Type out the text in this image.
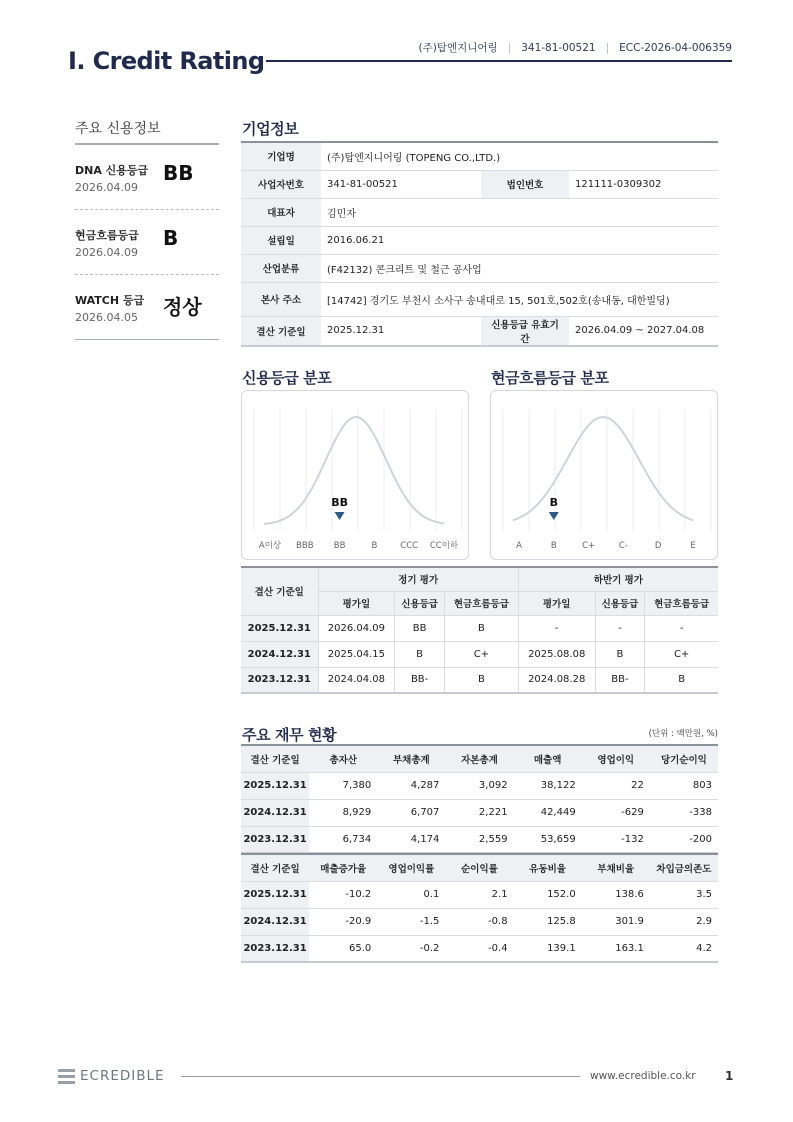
(주)탑엔지니어링 | 341-81-00521 | ECC-2026-04-006359
Ⅰ. Credit Rating
주요 신용정보
DNA 신용등급
2026.04.09
BB
현금흐름등급
2026.04.09
B
WATCH 등급
2026.04.05 정상
기업정보
기업명	(주)탑엔지니어링 (TOPENG CO.,LTD.)		
사업자번호	341-81-00521	법인번호	121111-0309302
대표자	김민자		
설립일	2016.06.21		
산업분류	(F42132) 콘크리트 및 철근 공사업		
본사 주소	[14742] 경기도 부천시 소사구 송내대로 15, 501호,502호(송내동, 대한빌딩)		
결산 기준일	2025.12.31	신용등급 유효기간	2026.04.09 ~ 2027.04.08
신용등급 분포	현금흐름등급 분포
A이상 BBB BB	B	CCC CC이하
BB
A	B	C+	C-	D	E
B
결산 기준일	정기 평가			하반기 평가		
	평가일	신용등급	현금흐름등급	평가일	신용등급	현금흐름등급
2025.12.31	2026.04.09	BB	B	-	-	-
2024.12.31	2025.04.15	B	C+	2025.08.08	B	C+
2023.12.31	2024.04.08	BB-	B	2024.08.28	BB-	B
주요 재무 현황	(단위 : 백만원, %)
결산 기준일	총자산	부채총계	자본총계	매출액	영업이익	당기순이익
2025.12.31	7,380	4,287	3,092	38,122	22	803
2024.12.31	8,929	6,707	2,221	42,449	-629	-338
2023.12.31	6,734	4,174	2,559	53,659	-132	-200
결산 기준일	매출증가율	영업이익률	순이익률	유동비율	부채비율	차입금의존도
2025.12.31	-10.2	0.1	2.1	152.0	138.6	3.5
2024.12.31	-20.9	-1.5	-0.8	125.8	301.9	2.9
2023.12.31	65.0	-0.2	-0.4	139.1	163.1	4.2
ECREDIBLE	www.ecredible.co.kr 1
